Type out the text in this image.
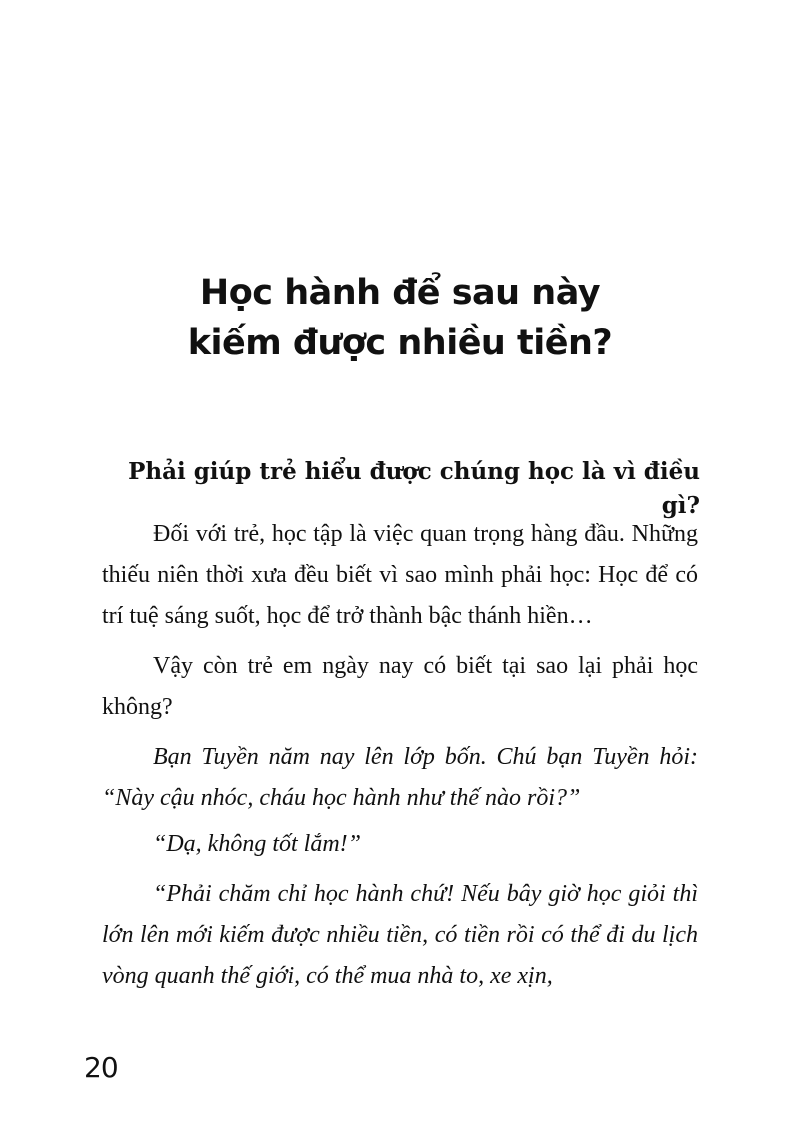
Học hành để sau này
kiếm được nhiều tiền?
Phải giúp trẻ hiểu được chúng học là vì điều gì?

Đối với trẻ, học tập là việc quan trọng hàng đầu. Những thiếu niên thời xưa đều biết vì sao mình phải học: Học để có trí tuệ sáng suốt, học để trở thành bậc thánh hiền…

Vậy còn trẻ em ngày nay có biết tại sao lại phải học không?

Bạn Tuyền năm nay lên lớp bốn. Chú bạn Tuyền hỏi: “Này cậu nhóc, cháu học hành như thế nào rồi?”

“Dạ, không tốt lắm!”

“Phải chăm chỉ học hành chứ! Nếu bây giờ học giỏi thì lớn lên mới kiếm được nhiều tiền, có tiền rồi có thể đi du lịch vòng quanh thế giới, có thể mua nhà to, xe xịn,

20
